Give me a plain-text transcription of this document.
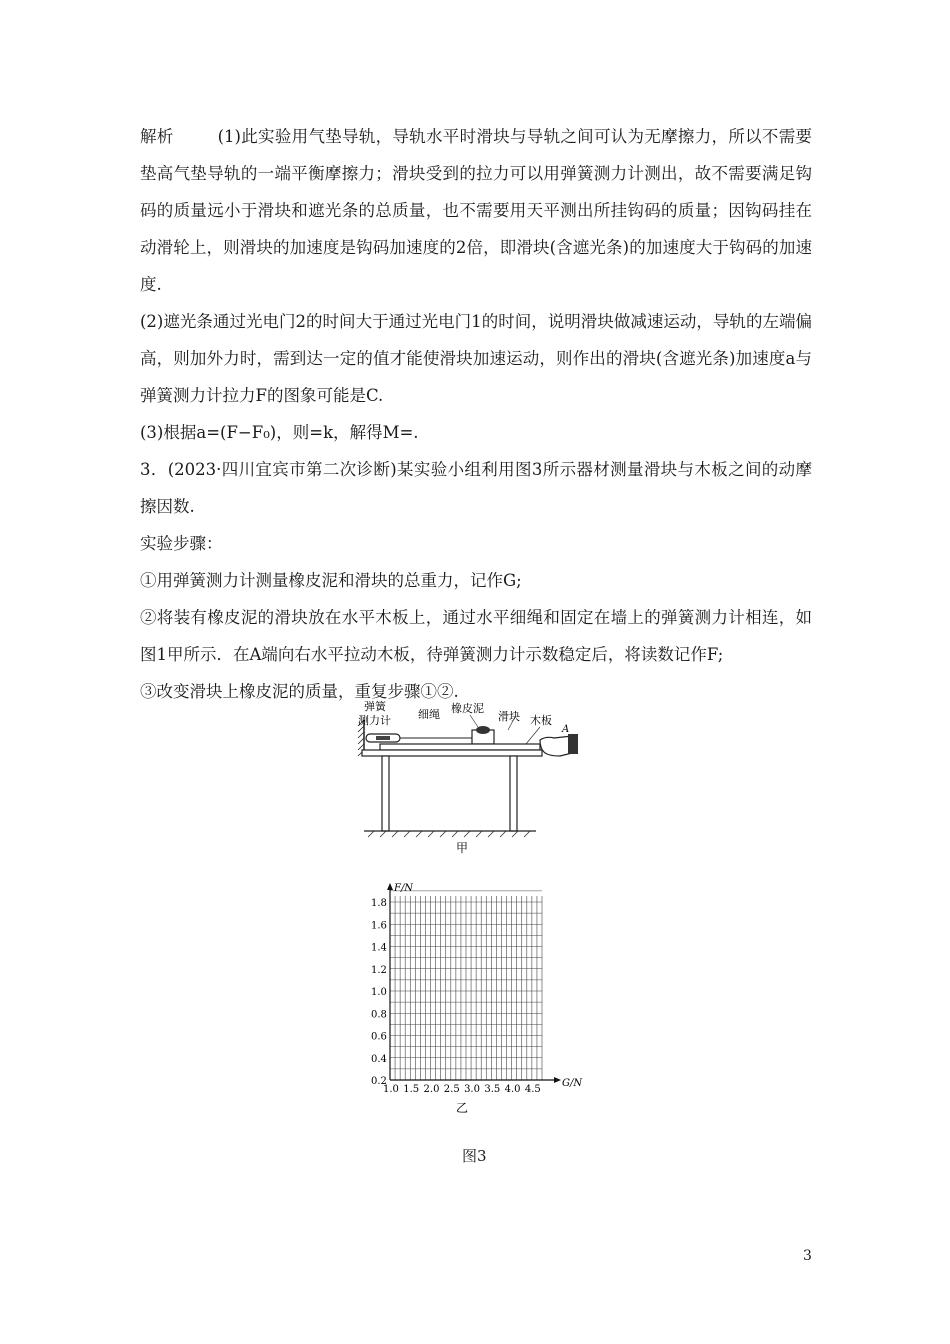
解析	(1)此实验用气垫导轨，导轨水平时滑块与导轨之间可认为无摩擦力，所以不需要垫高气垫导轨的一端平衡摩擦力；滑块受到的拉力可以用弹簧测力计测出，故不需要满足钩码的质量远小于滑块和遮光条的总质量，也不需要用天平测出所挂钩码的质量；因钩码挂在动滑轮上，则滑块的加速度是钩码加速度的2倍，即滑块(含遮光条)的加速度大于钩码的加速度.

(2)遮光条通过光电门2的时间大于通过光电门1的时间，说明滑块做减速运动，导轨的左端偏高，则加外力时，需到达一定的值才能使滑块加速运动，则作出的滑块(含遮光条)加速度a与弹簧测力计拉力F的图象可能是C.

(3)根据a=(F−F₀)，则=k，解得M=.

3．(2023·四川宜宾市第二次诊断)某实验小组利用图3所示器材测量滑块与木板之间的动摩擦因数.

实验步骤：

①用弹簧测力计测量橡皮泥和滑块的总重力，记作G;

②将装有橡皮泥的滑块放在水平木板上，通过水平细绳和固定在墙上的弹簧测力计相连，如图1甲所示．在A端向右水平拉动木板，待弹簧测力计示数稳定后，将读数记作F;

③改变滑块上橡皮泥的质量，重复步骤①②.

弹簧
测力计 细绳 橡皮泥
滑块 木板
A
甲
1.0 1.5 2.0 2.5 3.0 3.5 4.0 4.5
0.2
0.4
0.6
0.8
1.0
1.2
1.4
1.6
1.8
F/N
G/N
乙
图3
3
